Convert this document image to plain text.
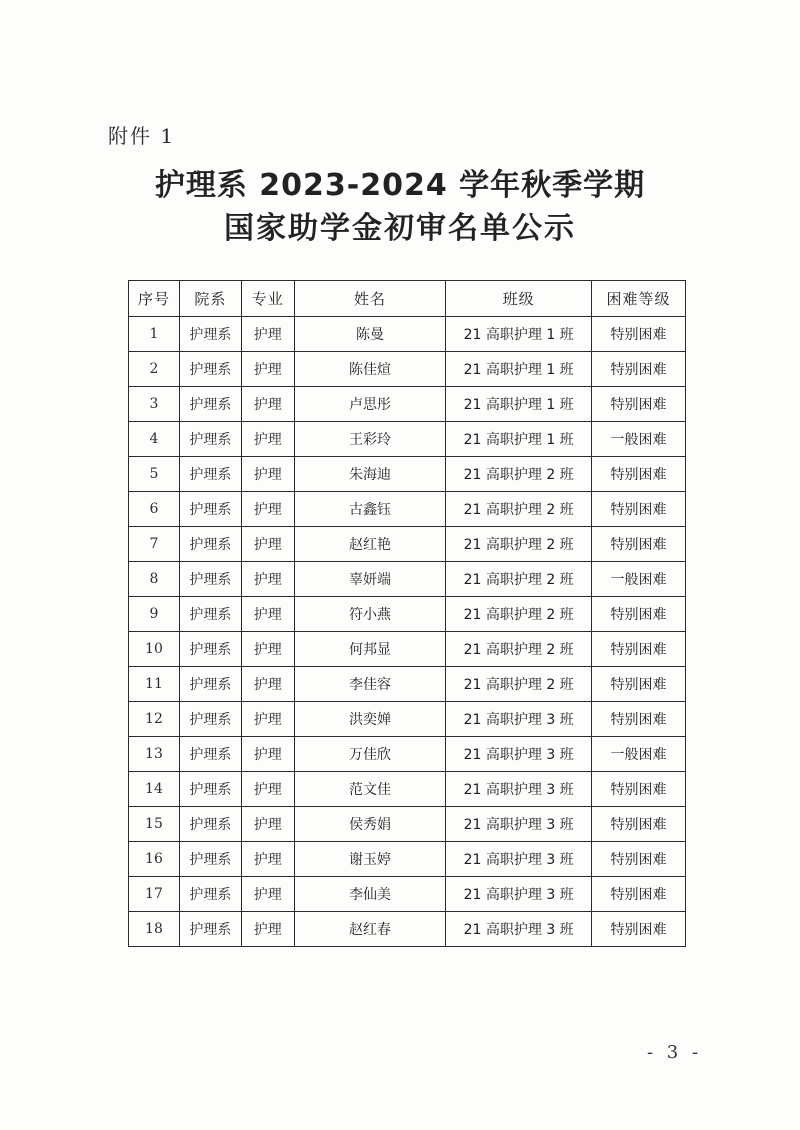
附件 1
护理系 2023-2024 学年秋季学期
国家助学金初审名单公示
序号	院系	专业	姓名	班级	困难等级
1	护理系	护理	陈曼	21 高职护理 1 班	特别困难
2	护理系	护理	陈佳煊	21 高职护理 1 班	特别困难
3	护理系	护理	卢思彤	21 高职护理 1 班	特别困难
4	护理系	护理	王彩玲	21 高职护理 1 班	一般困难
5	护理系	护理	朱海迪	21 高职护理 2 班	特别困难
6	护理系	护理	古鑫钰	21 高职护理 2 班	特别困难
7	护理系	护理	赵红艳	21 高职护理 2 班	特别困难
8	护理系	护理	辜妍端	21 高职护理 2 班	一般困难
9	护理系	护理	符小燕	21 高职护理 2 班	特别困难
10	护理系	护理	何邦显	21 高职护理 2 班	特别困难
11	护理系	护理	李佳容	21 高职护理 2 班	特别困难
12	护理系	护理	洪奕婵	21 高职护理 3 班	特别困难
13	护理系	护理	万佳欣	21 高职护理 3 班	一般困难
14	护理系	护理	范文佳	21 高职护理 3 班	特别困难
15	护理系	护理	侯秀娟	21 高职护理 3 班	特别困难
16	护理系	护理	谢玉婷	21 高职护理 3 班	特别困难
17	护理系	护理	李仙美	21 高职护理 3 班	特别困难
18	护理系	护理	赵红春	21 高职护理 3 班	特别困难
- 3 -
